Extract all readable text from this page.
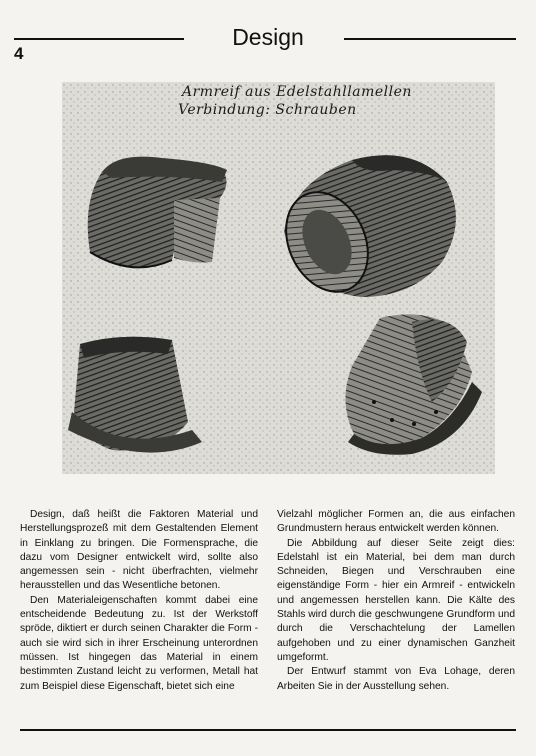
4
Design
Armreif aus Edelstahllamellen
Verbindung: Schrauben

Design, daß heißt die Faktoren Material und Herstellungsprozeß mit dem Gestaltenden Element in Einklang zu bringen. Die Formensprache, die dazu vom Designer entwickelt wird, sollte also angemessen sein - nicht überfrachten, vielmehr herausstellen und das Wesentliche betonen.

Den Materialeigenschaften kommt dabei eine entscheidende Bedeutung zu. Ist der Werkstoff spröde, diktiert er durch seinen Charakter die Form - auch sie wird sich in ihrer Erscheinung unterordnen müssen. Ist hingegen das Material in einem bestimmten Zustand leicht zu verformen, Metall hat zum Beispiel diese Eigenschaft, bietet sich eine

Vielzahl möglicher Formen an, die aus einfachen Grundmustern heraus entwickelt werden können.

Die Abbildung auf dieser Seite zeigt dies: Edelstahl ist ein Material, bei dem man durch Schneiden, Biegen und Verschrauben eine eigenständige Form - hier ein Armreif - entwickeln und angemessen herstellen kann. Die Kälte des Stahls wird durch die geschwungene Grundform und durch die Verschachtelung der Lamellen aufgehoben und zu einer dynamischen Ganzheit umgeformt.

Der Entwurf stammt von Eva Lohage, deren Arbeiten Sie in der Ausstellung sehen.
